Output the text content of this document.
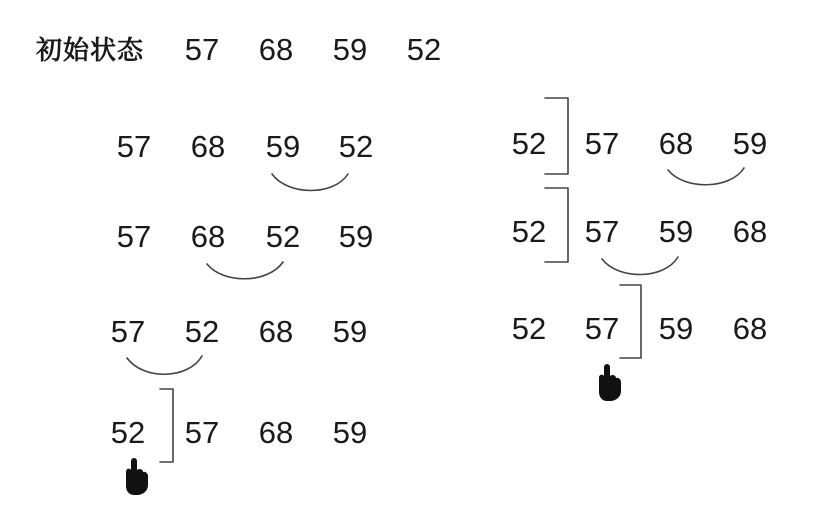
初始状态 57 68 59 52
57 68 59 52
57 68 52 59
57 52 68 59
52 57 68 59
52 57 68 59
52 57 59 68
52 57 59 68
